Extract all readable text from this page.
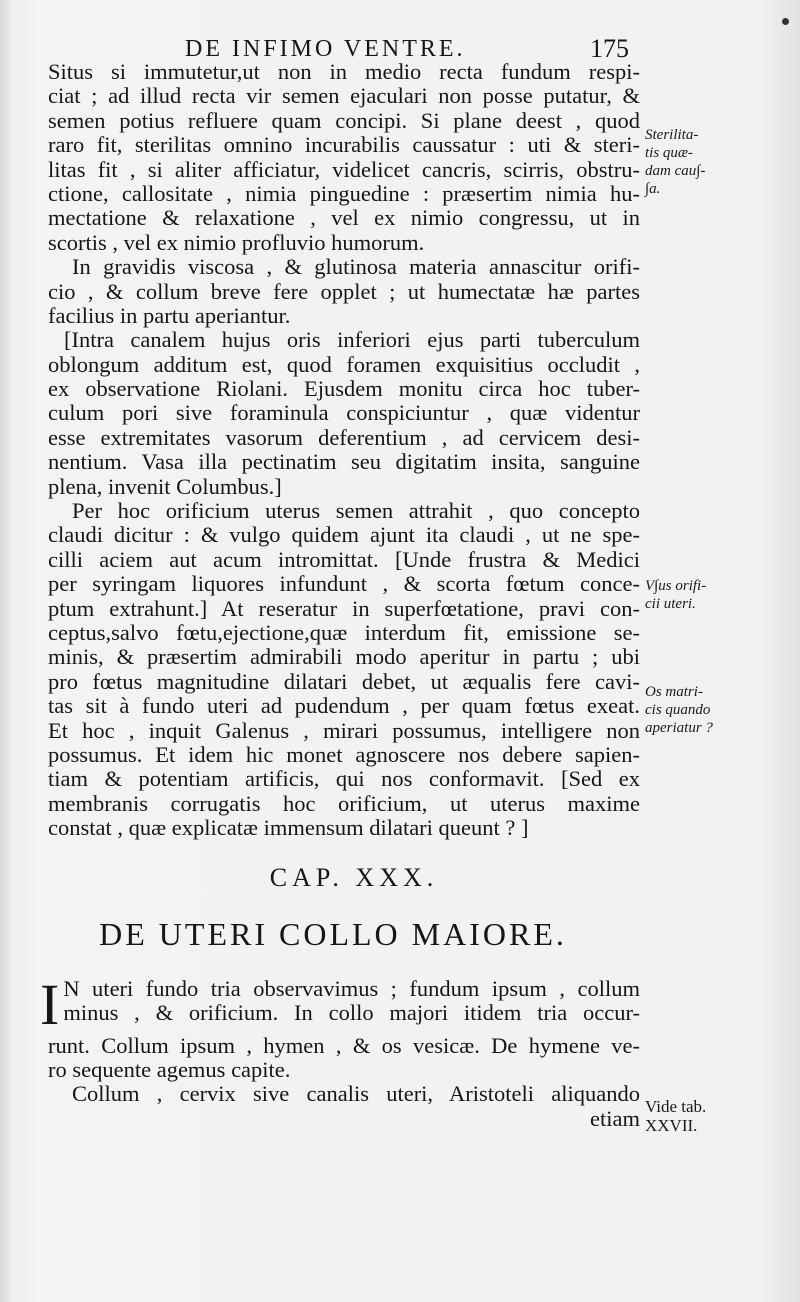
DE INFIMO VENTRE.	175
Situs si immutetur,ut non in medio recta fundum respi-
ciat ; ad illud recta vir semen ejaculari non posse putatur, &
semen potius refluere quam concipi. Si plane deest , quod
raro fit, sterilitas omnino incurabilis caussatur : uti & steri-
litas fit , si aliter afficiatur, videlicet cancris, scirris, obstru-
ctione, callositate , nimia pinguedine : præsertim nimia hu-
mectatione & relaxatione , vel ex nimio congressu, ut in
scortis , vel ex nimio profluvio humorum.
In gravidis viscosa , & glutinosa materia annascitur orifi-
cio , & collum breve fere opplet ; ut humectatæ hæ partes
facilius in partu aperiantur.
[Intra canalem hujus oris inferiori ejus parti tuberculum
oblongum additum est, quod foramen exquisitius occludit ,
ex observatione Riolani. Ejusdem monitu circa hoc tuber-
culum pori sive foraminula conspiciuntur , quæ videntur
esse extremitates vasorum deferentium , ad cervicem desi-
nentium. Vasa illa pectinatim seu digitatim insita, sanguine
plena, invenit Columbus.]
Per hoc orificium uterus semen attrahit , quo concepto
claudi dicitur : & vulgo quidem ajunt ita claudi , ut ne spe-
cilli aciem aut acum intromittat. [Unde frustra & Medici
per syringam liquores infundunt , & scorta fœtum conce-
ptum extrahunt.] At reseratur in superfœtatione, pravi con-
ceptus,salvo fœtu,ejectione,quæ interdum fit, emissione se-
minis, & præsertim admirabili modo aperitur in partu ; ubi
pro fœtus magnitudine dilatari debet, ut æqualis fere cavi-
tas sit à fundo uteri ad pudendum , per quam fœtus exeat.
Et hoc , inquit Galenus , mirari possumus, intelligere non
possumus. Et idem hic monet agnoscere nos debere sapien-
tiam & potentiam artificis, qui nos conformavit. [Sed ex
membranis corrugatis hoc orificium, ut uterus maxime
constat , quæ explicatæ immensum dilatari queunt ? ]
CAP. XXX.
DE UTERI COLLO MAIORE.
I N uteri fundo tria observavimus ; fundum ipsum , collum
minus , & orificium. In collo majori itidem tria occur-
runt. Collum ipsum , hymen , & os vesicæ. De hymene ve-
ro sequente agemus capite.
Collum , cervix sive canalis uteri, Aristoteli aliquando
etiam
Sterilita-
tis quæ-
dam cau∫-
∫a.
V∫us orifi-
cii uteri.
Os matri-
cis quando
aperiatur ?
Vide tab.
XXVII.
